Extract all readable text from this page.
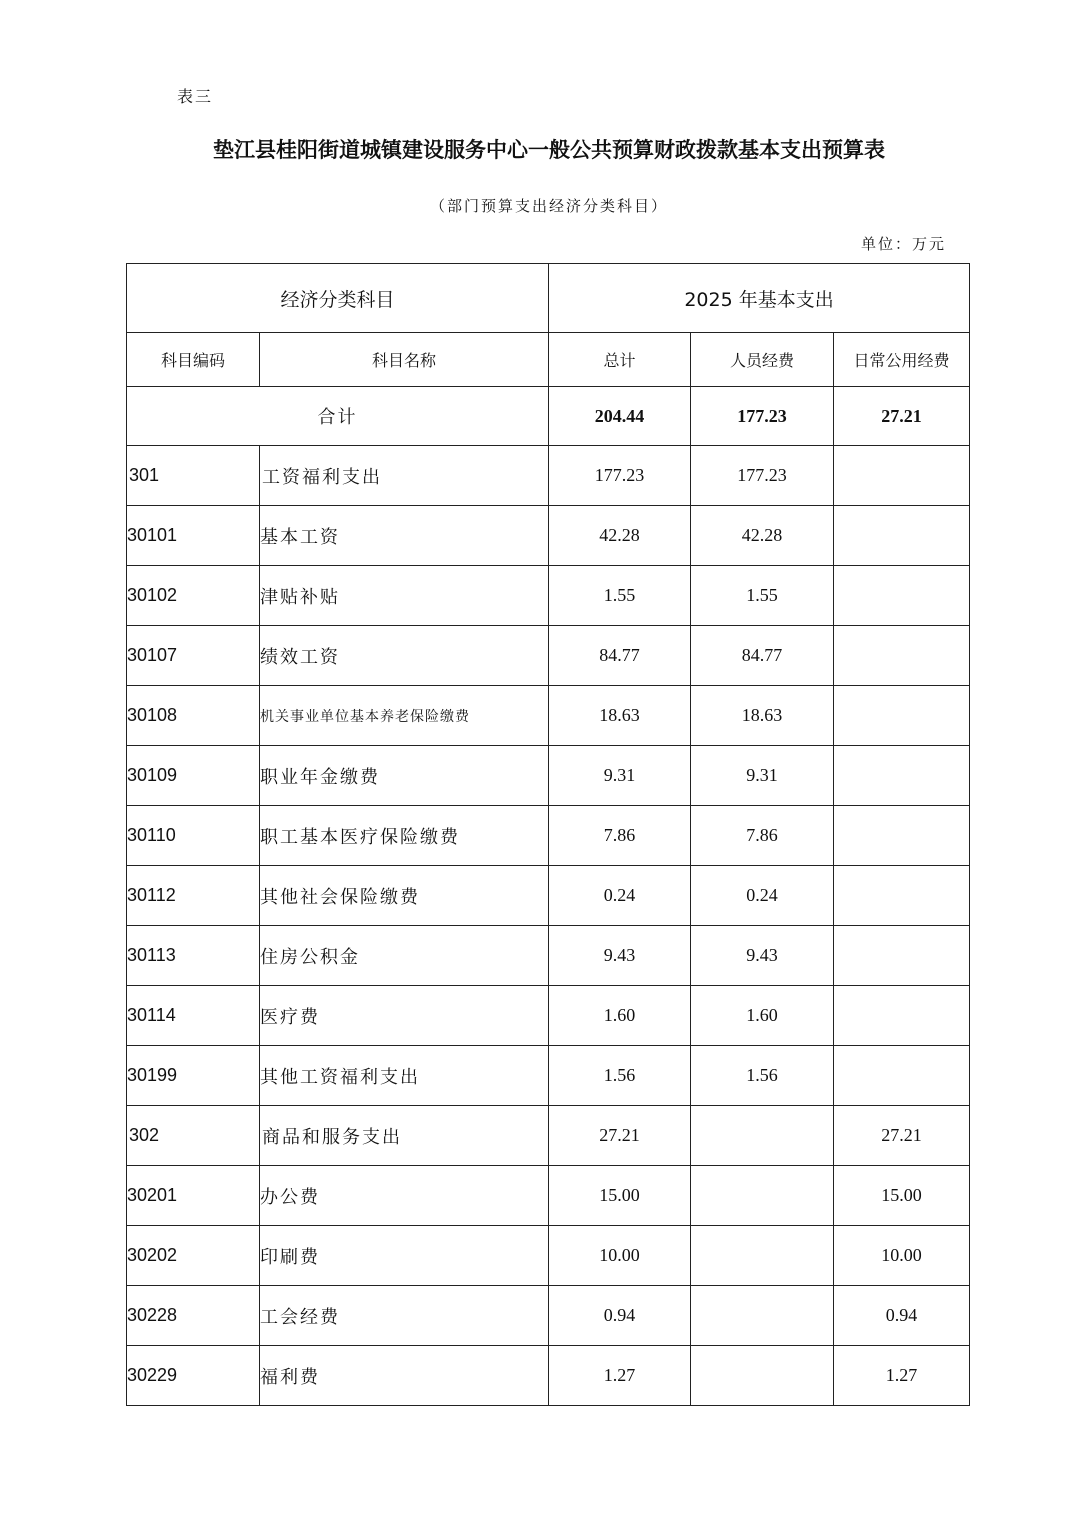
表三
垫江县桂阳街道城镇建设服务中心一般公共预算财政拨款基本支出预算表
（部门预算支出经济分类科目）
单位：万元
经济分类科目		2025 年基本支出		
科目编码	科目名称	总计	人员经费	日常公用经费
合计		204.44	177.23	27.21
301	工资福利支出	177.23	177.23	
30101	基本工资	42.28	42.28	
30102	津贴补贴	1.55	1.55	
30107	绩效工资	84.77	84.77	
30108	机关事业单位基本养老保险缴费	18.63	18.63	
30109	职业年金缴费	9.31	9.31	
30110	职工基本医疗保险缴费	7.86	7.86	
30112	其他社会保险缴费	0.24	0.24	
30113	住房公积金	9.43	9.43	
30114	医疗费	1.60	1.60	
30199	其他工资福利支出	1.56	1.56	
302	商品和服务支出	27.21		27.21
30201	办公费	15.00		15.00
30202	印刷费	10.00		10.00
30228	工会经费	0.94		0.94
30229	福利费	1.27		1.27
